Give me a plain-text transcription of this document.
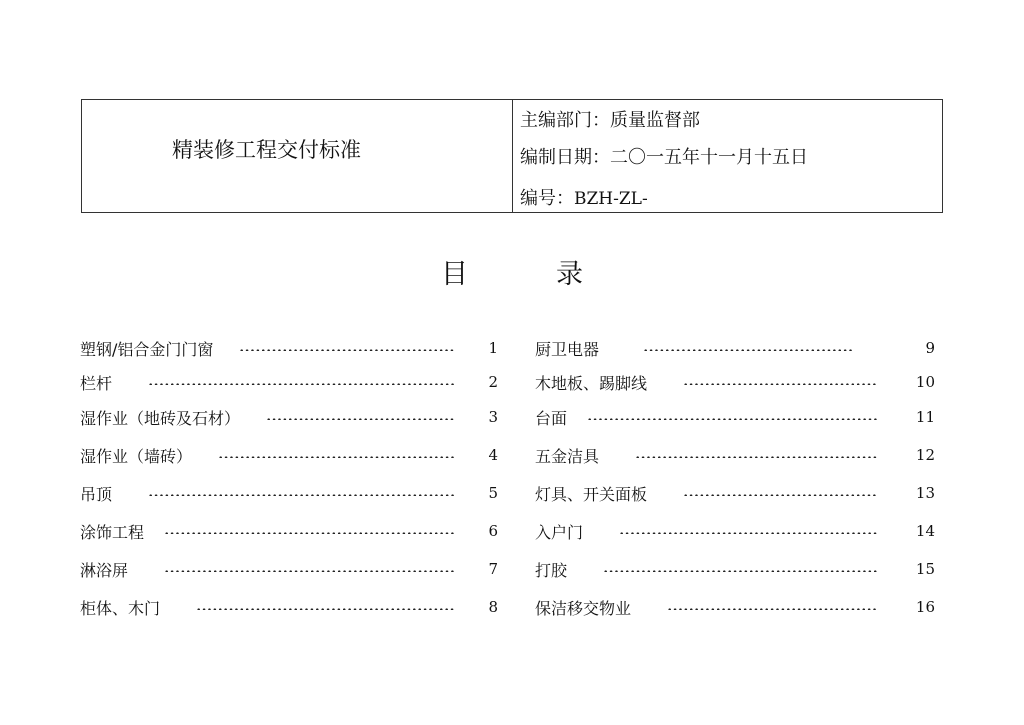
精装修工程交付标准
主编部门：质量监督部
编制日期：二〇一五年十一月十五日
编号：BZH-ZL-
目	录
塑钢/铝合金门门窗	1
栏杆	2
湿作业（地砖及石材）	3
湿作业（墙砖）	4
吊顶	5
涂饰工程	6
淋浴屏	7
柜体、木门	8
厨卫电器	9
木地板、踢脚线	10
台面	11
五金洁具	12
灯具、开关面板	13
入户门	14
打胶	15
保洁移交物业	16
